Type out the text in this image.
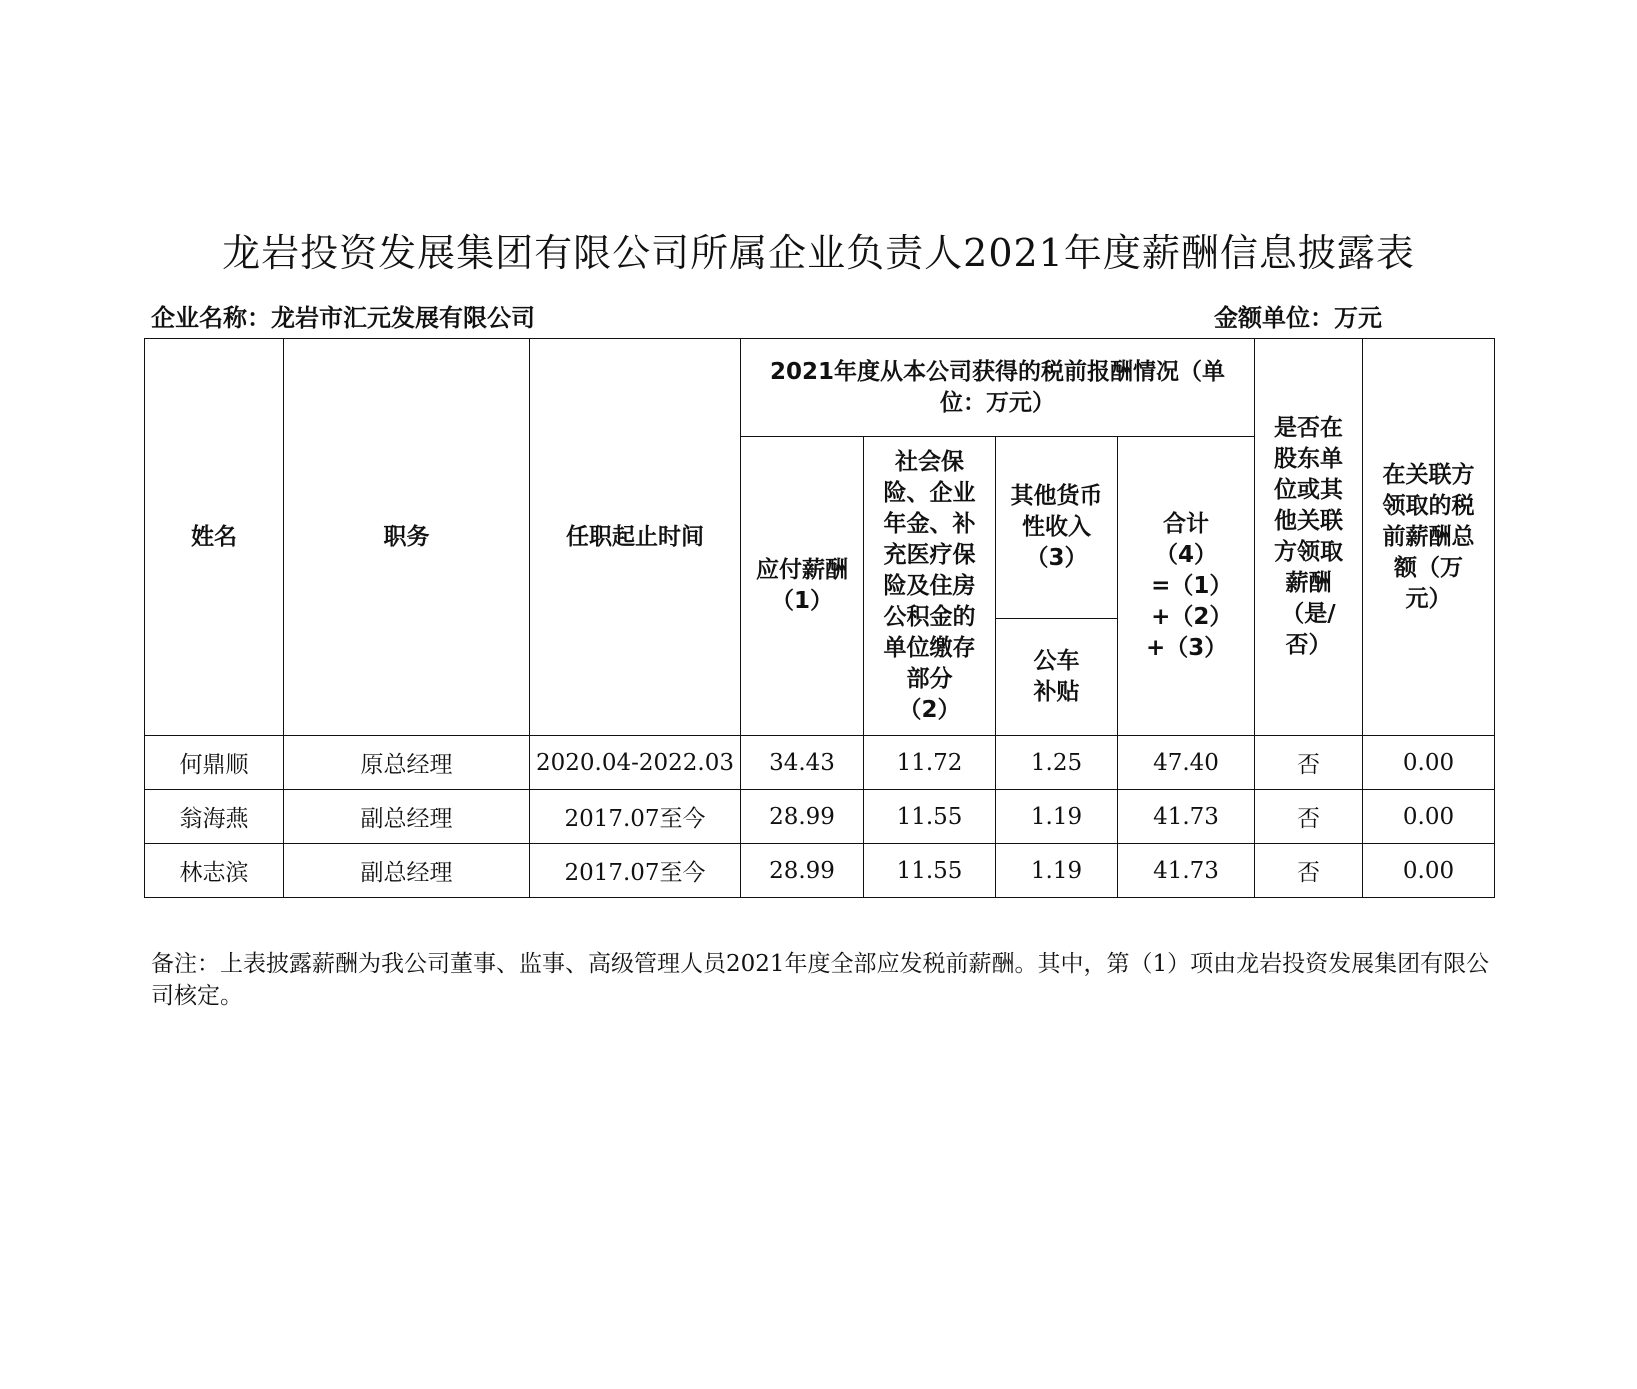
龙岩投资发展集团有限公司所属企业负责人2021年度薪酬信息披露表
企业名称：龙岩市汇元发展有限公司	金额单位：万元
姓名	职务	任职起止时间	2021年度从本公司获得的税前报酬情况（单位：万元）				是否在股东单位或其他关联方领取薪酬（是/否）	在关联方领取的税前薪酬总额（万元）
			应付薪酬（1）	社会保险、企业年金、补充医疗保险及住房公积金的单位缴存部分（2）	其他货币性收入（3）	合计（4）=（1）+（2）+（3）		
					公车补贴			
何鼎顺	原总经理	2020.04-2022.03	34.43	11.72	1.25	47.40	否	0.00
翁海燕	副总经理	2017.07至今	28.99	11.55	1.19	41.73	否	0.00
林志滨	副总经理	2017.07至今	28.99	11.55	1.19	41.73	否	0.00
备注：上表披露薪酬为我公司董事、监事、高级管理人员2021年度全部应发税前薪酬。其中，第（1）项由龙岩投资发展集团有限公司核定。
